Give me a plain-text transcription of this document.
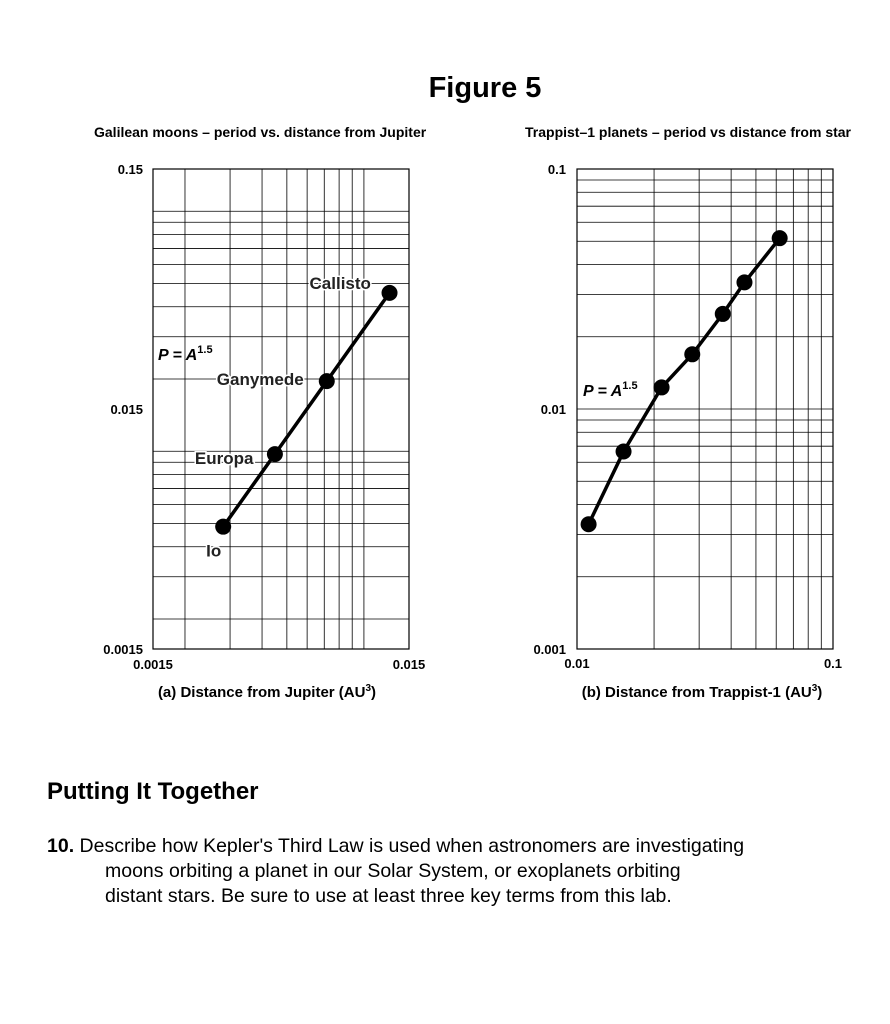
Figure 5
Galilean moons – period vs. distance from Jupiter	Trappist–1 planets – period vs distance from star
0.15
0.015
0.0015
0.0015	0.015
(a) Distance from Jupiter $(AU^3)$
$P = A^{1.5}$
Io
Europa
Ganymede
Callisto
0.1
0.01
0.001
0.01	0.1
(b) Distance from Trappist-1 $(AU^3)$
$P = A^{1.5}$
Putting It Together
10. Describe how Kepler's Third Law is used when astronomers are investigating
moons orbiting a planet in our Solar System, or exoplanets orbiting
distant stars. Be sure to use at least three key terms from this lab.
